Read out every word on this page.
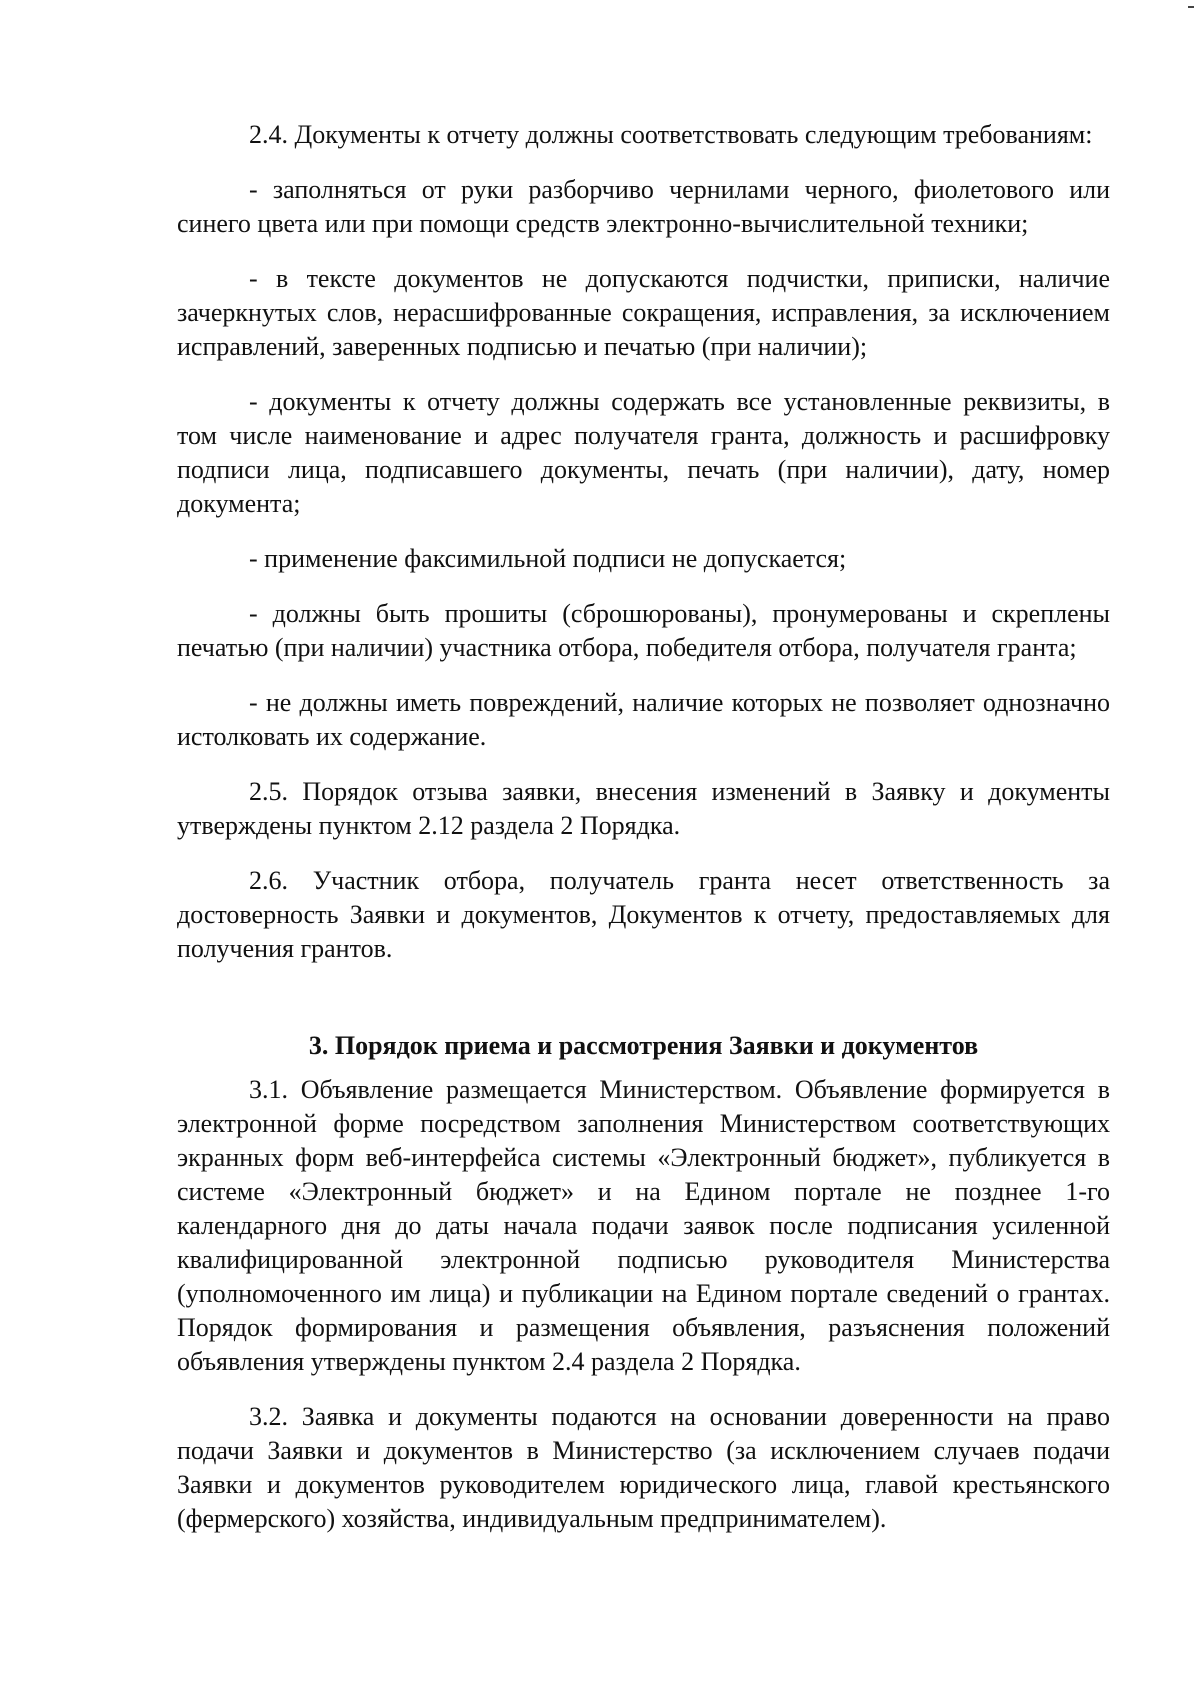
2.4. Документы к отчету должны соответствовать следующим требованиям:

- заполняться от руки разборчиво чернилами черного, фиолетового или синего цвета или при помощи средств электронно-вычислительной техники;

- в тексте документов не допускаются подчистки, приписки, наличие зачеркнутых слов, нерасшифрованные сокращения, исправления, за исключением исправлений, заверенных подписью и печатью (при наличии);

- документы к отчету должны содержать все установленные реквизиты, в том числе наименование и адрес получателя гранта, должность и расшифровку подписи лица, подписавшего документы, печать (при наличии), дату, номер документа;

- применение факсимильной подписи не допускается;

- должны быть прошиты (сброшюрованы), пронумерованы и скреплены печатью (при наличии) участника отбора, победителя отбора, получателя гранта;

- не должны иметь повреждений, наличие которых не позволяет однозначно истолковать их содержание.

2.5. Порядок отзыва заявки, внесения изменений в Заявку и документы утверждены пунктом 2.12 раздела 2 Порядка.

2.6. Участник отбора, получатель гранта несет ответственность за достоверность Заявки и документов, Документов к отчету, предоставляемых для получения грантов.

3. Порядок приема и рассмотрения Заявки и документов

3.1. Объявление размещается Министерством. Объявление формируется в электронной форме посредством заполнения Министерством соответствующих экранных форм веб-интерфейса системы «Электронный бюджет», публикуется в системе «Электронный бюджет» и на Едином портале не позднее 1-го календарного дня до даты начала подачи заявок после подписания усиленной квалифицированной электронной подписью руководителя Министерства (уполномоченного им лица) и публикации на Едином портале сведений о грантах. Порядок формирования и размещения объявления, разъяснения положений объявления утверждены пунктом 2.4 раздела 2 Порядка.

3.2. Заявка и документы подаются на основании доверенности на право подачи Заявки и документов в Министерство (за исключением случаев подачи Заявки и документов руководителем юридического лица, главой крестьянского (фермерского) хозяйства, индивидуальным предпринимателем).
